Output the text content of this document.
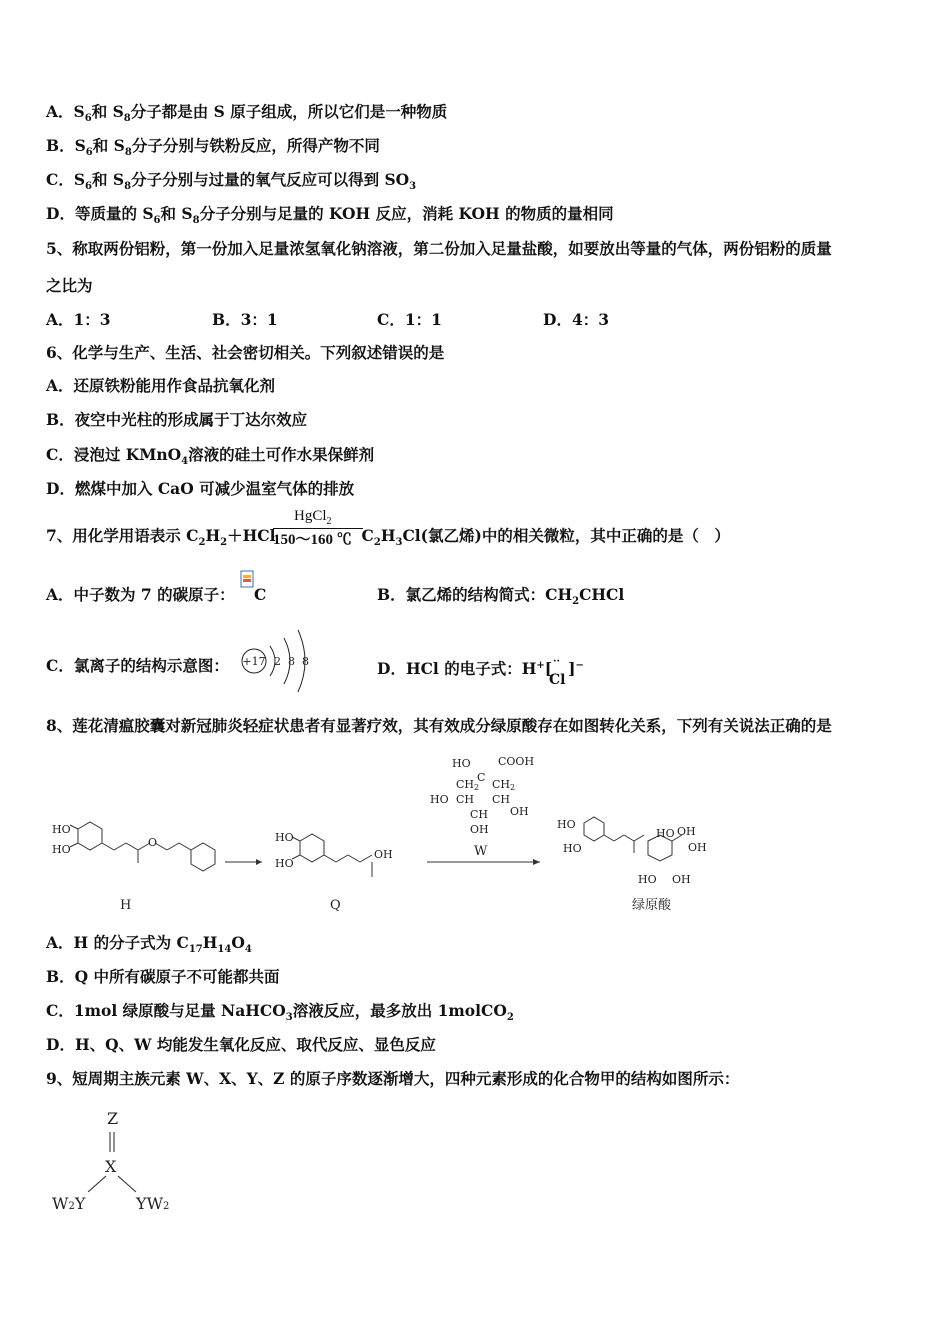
A．$S_6$和 $S_8$分子都是由 S 原子组成，所以它们是一种物质
B．$S_6$和 $S_8$分子分别与铁粉反应，所得产物不同
C．$S_6$和 $S_8$分子分别与过量的氧气反应可以得到 $SO_3$
D．等质量的 $S_6$和 $S_8$分子分别与足量的 KOH 反应，消耗 KOH 的物质的量相同
5、称取两份铝粉，第一份加入足量浓氢氧化钠溶液，第二份加入足量盐酸，如要放出等量的气体，两份铝粉的质量
之比为
A．1：3	B．3：1	C．1：1	D．4：3
6、化学与生产、生活、社会密切相关。下列叙述错误的是
A．还原铁粉能用作食品抗氧化剂
B．夜空中光柱的形成属于丁达尔效应
C．浸泡过 KMnO$_4$溶液的硅土可作水果保鲜剂
D．燃煤中加入 CaO 可减少温室气体的排放
7、用化学用语表示 $C_2H_2+HCl$	$C_2H_3Cl$(氯乙烯)中的相关微粒，其中正确的是（　）
HgCl$_2$
150～160 ℃
A．中子数为 7 的碳原子： C	B．氯乙烯的结构简式：$CH_2CHCl$
C．氯离子的结构示意图： +17 2 8 8	D．HCl 的电子式：H+[ ]−
··
Cl
8、莲花清瘟胶囊对新冠肺炎轻症状患者有显著疗效，其有效成分绿原酸存在如图转化关系，下列有关说法正确的是
HO
HO
O
H
HO
HO
OH
Q
HO COOH
C
CH2 CH2
HO CH CH
OH
CH
OH
W
HO
HO
HO OH
OH
HO OH
绿原酸
A．H 的分子式为 $C_{17}H_{14}O_4$
B．Q 中所有碳原子不可能都共面
C．1mol 绿原酸与足量 NaHCO$_3$溶液反应，最多放出 1molCO$_2$
D．H、Q、W 均能发生氧化反应、取代反应、显色反应
9、短周期主族元素 W、X、Y、Z 的原子序数逐渐增大，四种元素形成的化合物甲的结构如图所示：
Z
X
W2Y	YW2
